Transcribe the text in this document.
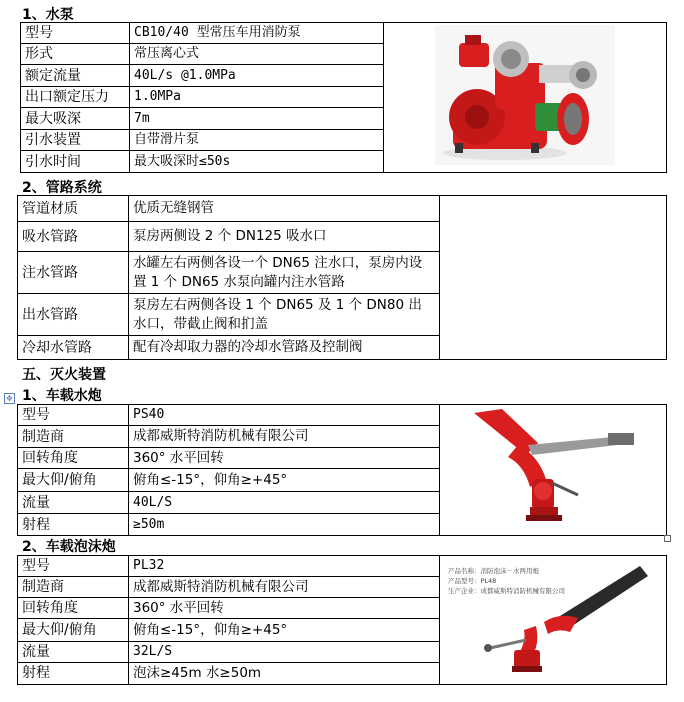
1、水泵
型号	CB10/40 型常压车用消防泵	
形式	常压离心式	
额定流量	40L/s @1.0MPa	
出口额定压力	1.0MPa	
最大吸深	7m	
引水装置	自带滑片泵	
引水时间	最大吸深时≤50s	
2、管路系统
管道材质	优质无缝钢管	
吸水管路	泵房两侧设 2 个 DN125 吸水口	
注水管路	水罐左右两侧各设一个 DN65 注水口，泵房内设置 1 个 DN65 水泵向罐内注水管路	
出水管路	泵房左右两侧各设 1 个 DN65 及 1 个 DN80 出水口，带截止阀和扪盖	
冷却水管路	配有冷却取力器的冷却水管路及控制阀	
五、灭火装置
✥ 1、车载水炮
型号	PS40	
制造商	成都威斯特消防机械有限公司	
回转角度	360° 水平回转	
最大仰/俯角	俯角≤-15°，仰角≥+45°	
流量	40L/S	
射程	≥50m	
2、车载泡沫炮
型号	PL32	产品名称：消防泡沫－水两用炮
产品型号：PL48
生产企业：成都威斯特消防机械有限公司

制造商	成都威斯特消防机械有限公司	
回转角度	360° 水平回转	
最大仰/俯角	俯角≤-15°，仰角≥+45°	
流量	32L/S	
射程	泡沫≥45m 水≥50m	
